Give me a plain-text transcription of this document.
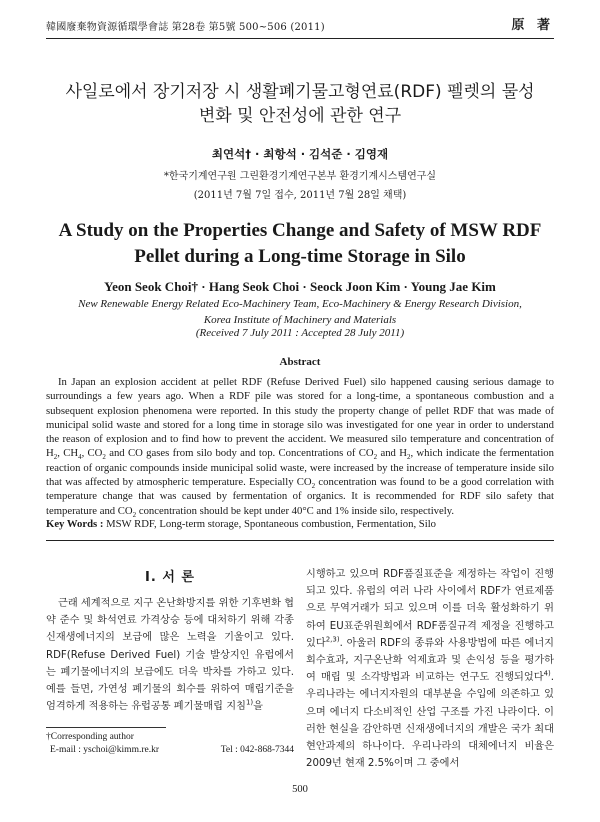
韓國廢棄物資源循環學會誌 第28卷 第5號 500~506 (2011)	原 著
사일로에서 장기저장 시 생활폐기물고형연료(RDF) 펠렛의 물성변화 및 안전성에 관한 연구
최연석† · 최항석 · 김석준 · 김영재
*한국기계연구원 그린환경기계연구본부 환경기계시스템연구실
(2011년 7월 7일 접수, 2011년 7월 28일 채택)
A Study on the Properties Change and Safety of MSW RDF Pellet during a Long-time Storage in Silo
Yeon Seok Choi† · Hang Seok Choi · Seock Joon Kim · Young Jae Kim
New Renewable Energy Related Eco-Machinery Team, Eco-Machinery & Energy Research Division,
Korea Institute of Machinery and Materials
(Received 7 July 2011 : Accepted 28 July 2011)
Abstract

In Japan an explosion accident at pellet RDF (Refuse Derived Fuel) silo happened causing serious damage to surroundings a few years ago. When a RDF pile was stored for a long-time, a spontaneous combustion and a subsequent explosion phenomena were reported. In this study the property change of pellet RDF that was made of municipal solid waste and stored for a long time in storage silo was investigated for one year in order to understand the reason of explosion and to find how to prevent the accident. We measured silo temperature and concentration of $H_2$, $CH_4$, $CO_2$ and CO gases from silo body and top. Concentrations of $CO_2$ and $H_2$, which indicate the fermentation reaction of organic compounds inside municipal solid waste, were increased by the increase of temperature inside silo that was affected by atmospheric temperature. Especially $CO_2$ concentration was found to be a good correlation with temperature change that was caused by fermentation of organics. It is recommended for RDF silo safety that temperature and $CO_2$ concentration should be kept under 40°C and 1% inside silo, respectively.

Key Words : MSW RDF, Long-term storage, Spontaneous combustion, Fermentation, Silo
I. 서 론

근래 세계적으로 지구 온난화방지를 위한 기후변화 협약 준수 및 화석연료 가격상승 등에 대처하기 위해 각종 신재생에너지의 보급에 많은 노력을 기울이고 있다. RDF(Refuse Derived Fuel) 기술 발상지인 유럽에서는 폐기물에너지의 보급에도 더욱 박차를 가하고 있다. 예를 들면, 가연성 폐기물의 회수를 위하여 매립기준을 엄격하게 적용하는 유럽공통 폐기물매립 지침$^{1)}$을

시행하고 있으며 RDF품질표준을 제정하는 작업이 진행되고 있다. 유럽의 여러 나라 사이에서 RDF가 연료제품으로 무역거래가 되고 있으며 이를 더욱 활성화하기 위하여 EU표준위원회에서 RDF품질규격 제정을 진행하고 있다$^{2,3)}$. 아울러 RDF의 종류와 사용방법에 따른 에너지회수효과, 지구온난화 억제효과 및 손익성 등을 평가하여 매립 및 소각방법과 비교하는 연구도 진행되었다$^{4)}$. 우리나라는 에너지자원의 대부분을 수입에 의존하고 있으며 에너지 다소비적인 산업 구조를 가진 나라이다. 이러한 현실을 감안하면 신재생에너지의 개발은 국가 최대 현안과제의 하나이다. 우리나라의 대체에너지 비율은 2009년 현재 2.5%이며 그 중에서

†Corresponding author
E-mail : yschoi@kimm.re.kr	Tel : 042-868-7344
500
